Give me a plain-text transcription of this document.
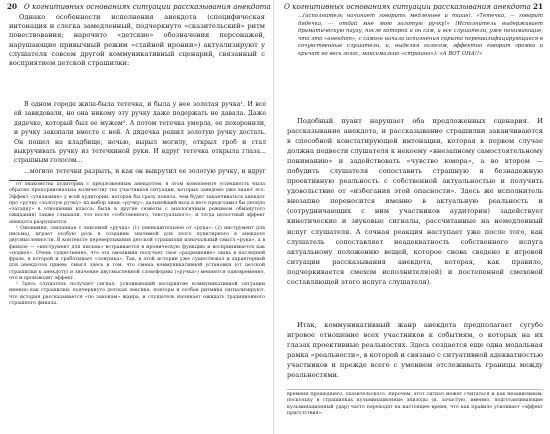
20 О когнитивных основаниях ситуации рассказывания анекдота
Однако особенности исполнения анекдота (специфическая интонация и слегка замедленный, подчеркнуто «сказительский» ритм повествования; нарочито «детские» обозначения персонажей, нарушающие привычный режим «стайной иронии») актуализируют у слушателя совсем другой коммуникативный сценарий, связанный с восприятием детской страшилки:

В одном городе жила-была тетечка, и была у нее золотая ручка¹. И все ей завидовали, но она никому эту ручку даже подержать не давала. Даже дядечке, который был ее мужем². А потом тетечка умерла, ее похоронили, и ручку закопали вместе с ней. А дядечка решил золотую ручку достать. Он пошел на кладбище, ночью, вырыл могилу, открыл гроб и стал выкручивать ручку из тетечкиной руки. И вдруг тетечка открыла глаза... страшным голосом...

...могиле тетечки разрыть, и как он выкрутил ее золотую ручку, и вдруг

от знакомства аудитории с предложенным анекдотом, в этом компоненте успешность была обратно пропорциональна количеству тех участников ситуации, которые заведомо уже знают его. Эффект «узнавания» у всей аудитории, которая бы сразу поняла, чем будет заканчиваться анекдот про «ручку «золотую ручку» на выбор лишь «ручку», дальнейший вход в него представил бы легкую «загадку» в отношении класса: были в другие сюжеты с аналогичным режимом обманутого ожидания) также слышали, что после «собственного, текстуального», и тогда целостный эффект анекдота разрушается.

¹ Омонимия, связанная с лексемой «ручка» (1) уменьшительное от «рука»; (2) инструмент для письма), играет особую роль в создании значимой для этого пунктирного в анекдоте двусмысленности. В контексте перевертывания детской страшилки изначальный смысл «рука», а в финале — «инструмент для письма» встраивается в ироническую функцию и воспринимается как «подвох». Очень существенно, что эта омонимия получает свое «разрешение» лишь в последней фразе, в которой и срабатывает «ловушка». Так, в этой истории уже существовал и характерный для анекдотов прием; смысл здесь в том, что смена коммуникативной установки (от детской страшилки к анекдоту) и значение двусмысленной словоформы («ручка») меняются одновременно, что и производит эффект.

² Здесь слушатель получает сигнал, усиливающий восприятие коммуникативной ситуации именно как страшилки: подчеркнуто детская лексика, повторы и особая ритмика сигнализируют, что история рассказывается «по законам» жанра, и слушатель начинает ожидать традиционного страшного финала.

О когнитивных основаниях ситуации рассказывания анекдота 21
...(исполнитель начинает говорить медленнее и тише). «Тетечка, — говорит дядечка, — отдай мне мою золотую ручку!» (Исполнитель выдерживает драматическую паузу, после которой и он сам, и все слушатели, уже понимающие, что это «анекдот», с самого начала исполнения скрыто переквалифицирующиеся в сочувственные слушатели, и, выделяя голосом, эффектно говорит громко и кричит во весь голос, максимально «страшно»): «А ВОТ ОНА!!»
Подобный пуант нарушает оба предложенных сценария. И рассказывание анекдота, и рассказывание страшилки заканчиваются в способной констатирующей интонации, которая в первом случае должна подвести слушателя к некоему «внезапному самостоятельному пониманию» и задействовать «чувство юмора», а во втором — побудить слушателя сопоставить страшную и безнадежную проективную реальность с собственной актуальностью и получить удовольствие от «избегания этой опасности». Здесь же исполнитель внезапно переносится именно в актуальную реальность и (сотрудничающих с ним участников аудитории) задействует кинетические и звуковые сигналы, рассчитанные на немедленный испуг слушателя. А сочная реакция наступает уже после того, как слушатель сопоставляет неадекватность собственного испуга актуальному положению вещей, которое снова сведено к игровой ситуации рассказывания анекдота, которая, как правило, подчеркивается смехом исполнителя(ей) и постепенной смеховой составляющей этого испуга слушателя).
Итак, коммуникативный жанр анекдота предполагает сугубо игровое отношение всех участников к событиям, о которых на их глазах проективные реальностях. Здесь создается еще одна модальная рамка «реальности», в которой и связано с ситуативной адекватностью участников и прежде всего с умением отслеживать границы между реальностями.
времени прошедшего, сказительского. Впрочем, этот сигнал может считаться и как независимым, поскольку в страшилках кульминационные эпизоды (и, зачастую, именно, подготавливающие кульминационный удар) часто переходят на настоящее время, что как правило усиливает «эффект присутствия».
